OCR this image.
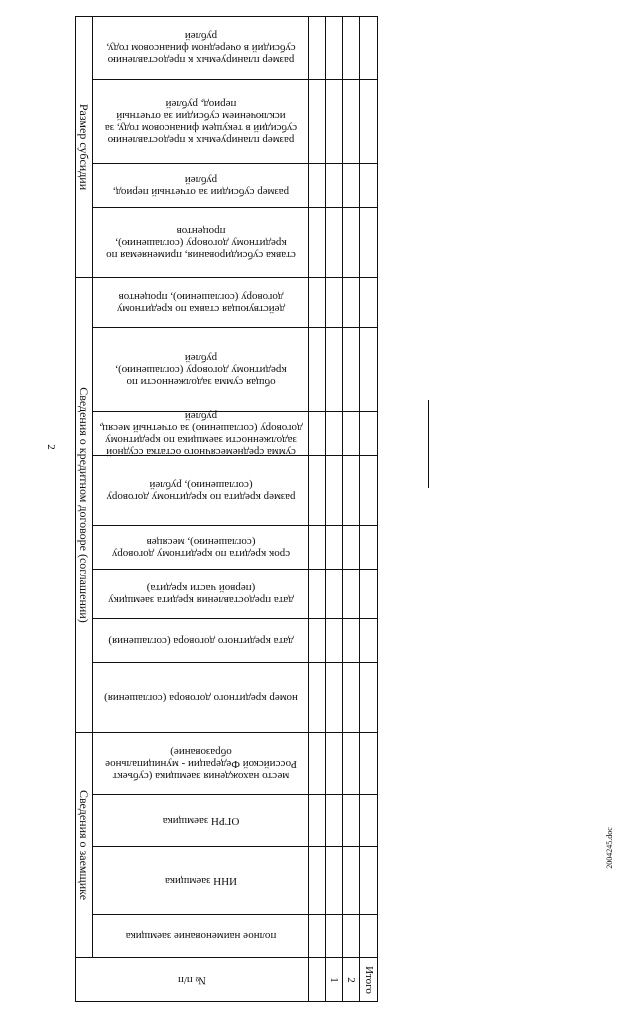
2
2004245.doc
Размер субсидии	размер планируемых к предоставлению субсидий в очередном финансовом году, рублей				

размер планируемых к предоставлению субсидий в текущем финансовом году, за исключением субсидии за отчетный период, рублей				

размер субсидии за отчетный период, рублей				

ставка субсидирования, применяемая по кредитному договору (соглашению), процентов				

Сведения о кредитном договоре (соглашении)	действующая ставка по кредитному договору (соглашению), процентов				

общая сумма задолженности по кредитному договору (соглашению), рублей				

сумма среднемесячного остатка ссудной задолженности заемщика по кредитному договору (соглашению) за отчетный месяц, рублей				

размер кредита по кредитному договору (соглашению), рублей				

срок кредита по кредитному договору (соглашению), месяцев				

дата предоставления кредита заемщику (первой части кредита)				

дата кредитного договора (соглашения)				

номер кредитного договора (соглашения)				

Сведения о заемщике	место нахождения заемщика (субъект Российской Федерации - муниципальное образование)				

ОГРН заемщика				

ИНН заемщика				

полное наименование заемщика				

№ п/п			1	2	Итого
